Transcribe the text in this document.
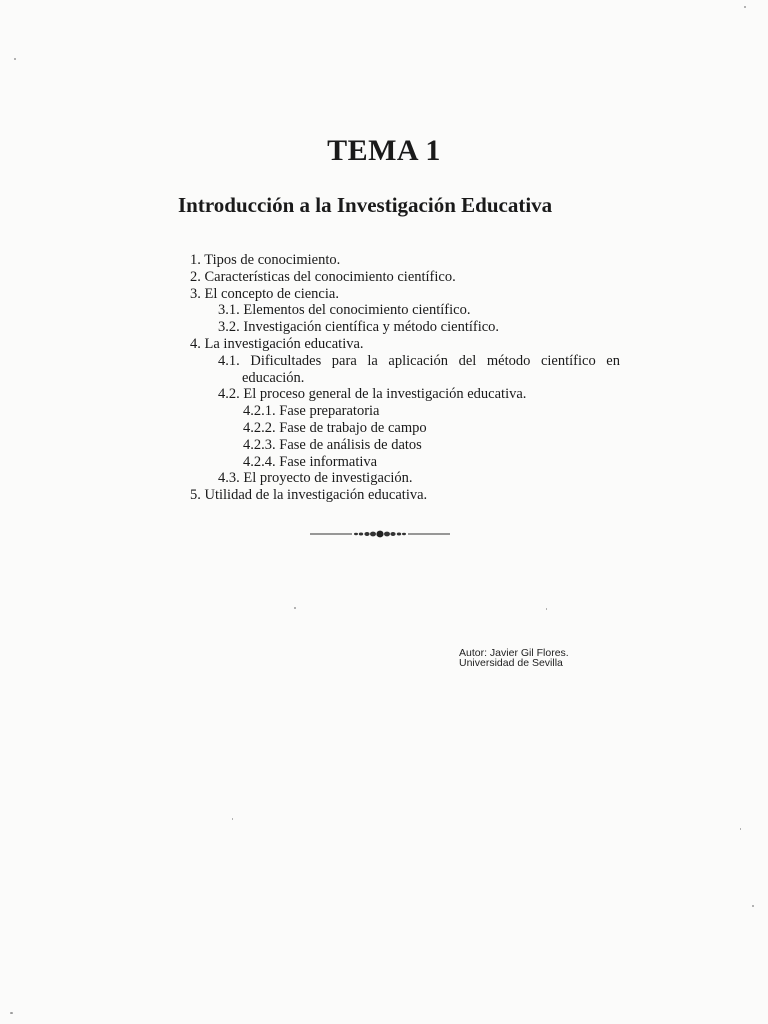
TEMA 1
Introducción a la Investigación Educativa
1. Tipos de conocimiento.
2. Características del conocimiento científico.
3. El concepto de ciencia.
3.1. Elementos del conocimiento científico.
3.2. Investigación científica y método científico.
4. La investigación educativa.
4.1. Dificultades para la aplicación del método científico en
educación.
4.2. El proceso general de la investigación educativa.
4.2.1. Fase preparatoria
4.2.2. Fase de trabajo de campo
4.2.3. Fase de análisis de datos
4.2.4. Fase informativa
4.3. El proyecto de investigación.
5. Utilidad de la investigación educativa.
Autor: Javier Gil Flores.
Universidad de Sevilla
